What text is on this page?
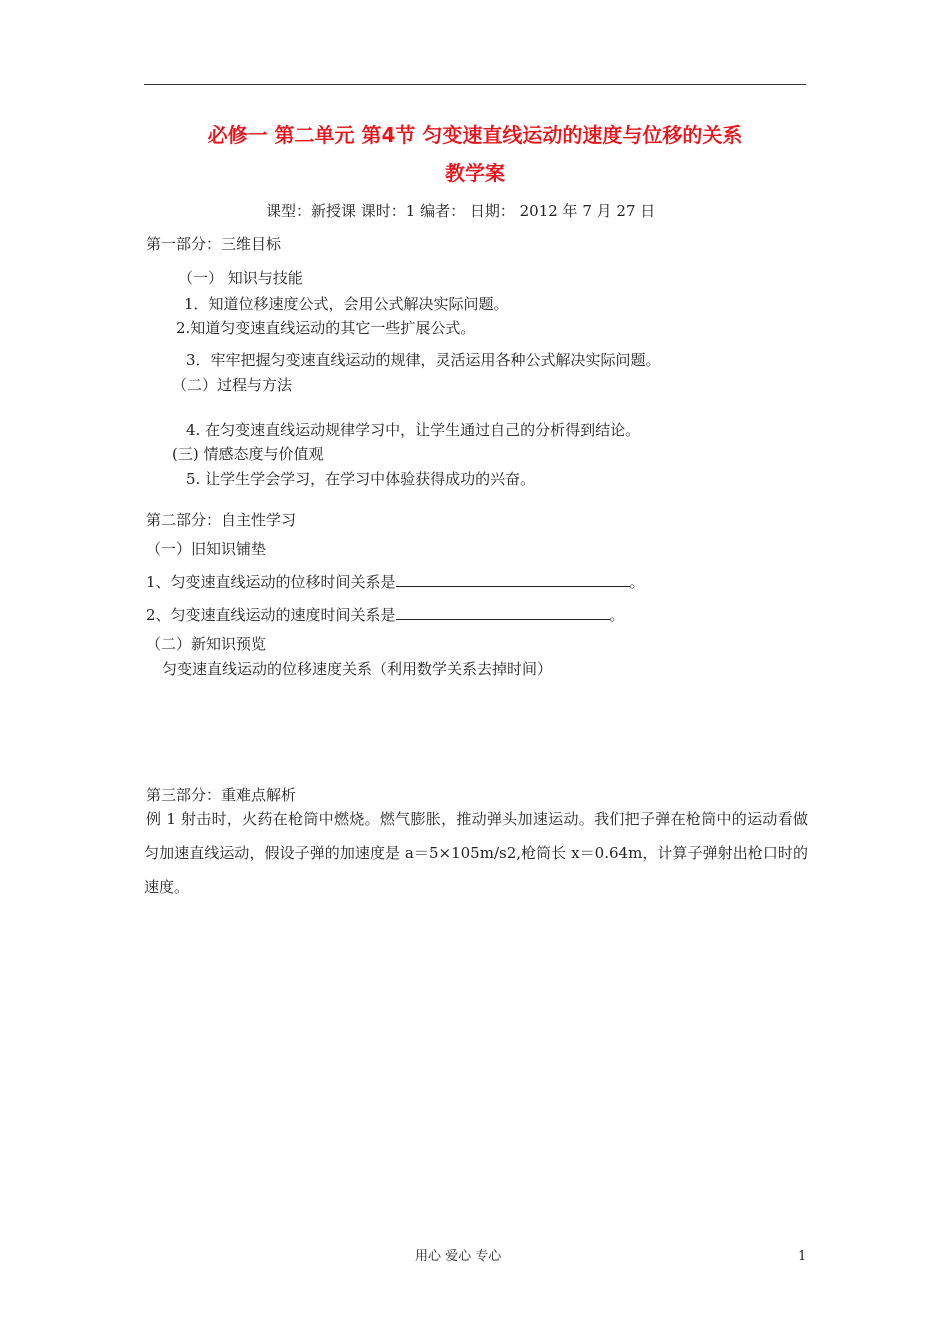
必修一 第二单元 第4节 匀变速直线运动的速度与位移的关系
教学案
课型：新授课 课时：1 编者： 日期： 2012 年 7 月 27 日
第一部分：三维目标
（一） 知识与技能
1．知道位移速度公式，会用公式解决实际问题。
2.知道匀变速直线运动的其它一些扩展公式。
3．牢牢把握匀变速直线运动的规律，灵活运用各种公式解决实际问题。
（二）过程与方法
4. 在匀变速直线运动规律学习中，让学生通过自己的分析得到结论。
(三) 情感态度与价值观
5. 让学生学会学习，在学习中体验获得成功的兴奋。
第二部分：自主性学习
（一）旧知识铺垫
1、匀变速直线运动的位移时间关系是	。
2、匀变速直线运动的速度时间关系是	。
（二）新知识预览
匀变速直线运动的位移速度关系（利用数学关系去掉时间）
第三部分：重难点解析
例 1 射击时，火药在枪筒中燃烧。燃气膨胀，推动弹头加速运动。我们把子弹在枪筒中的运动看做匀加速直线运动，假设子弹的加速度是 a＝5×105m/s2,枪筒长 x＝0.64m，计算子弹射出枪口时的速度。
用心 爱心 专心	1
